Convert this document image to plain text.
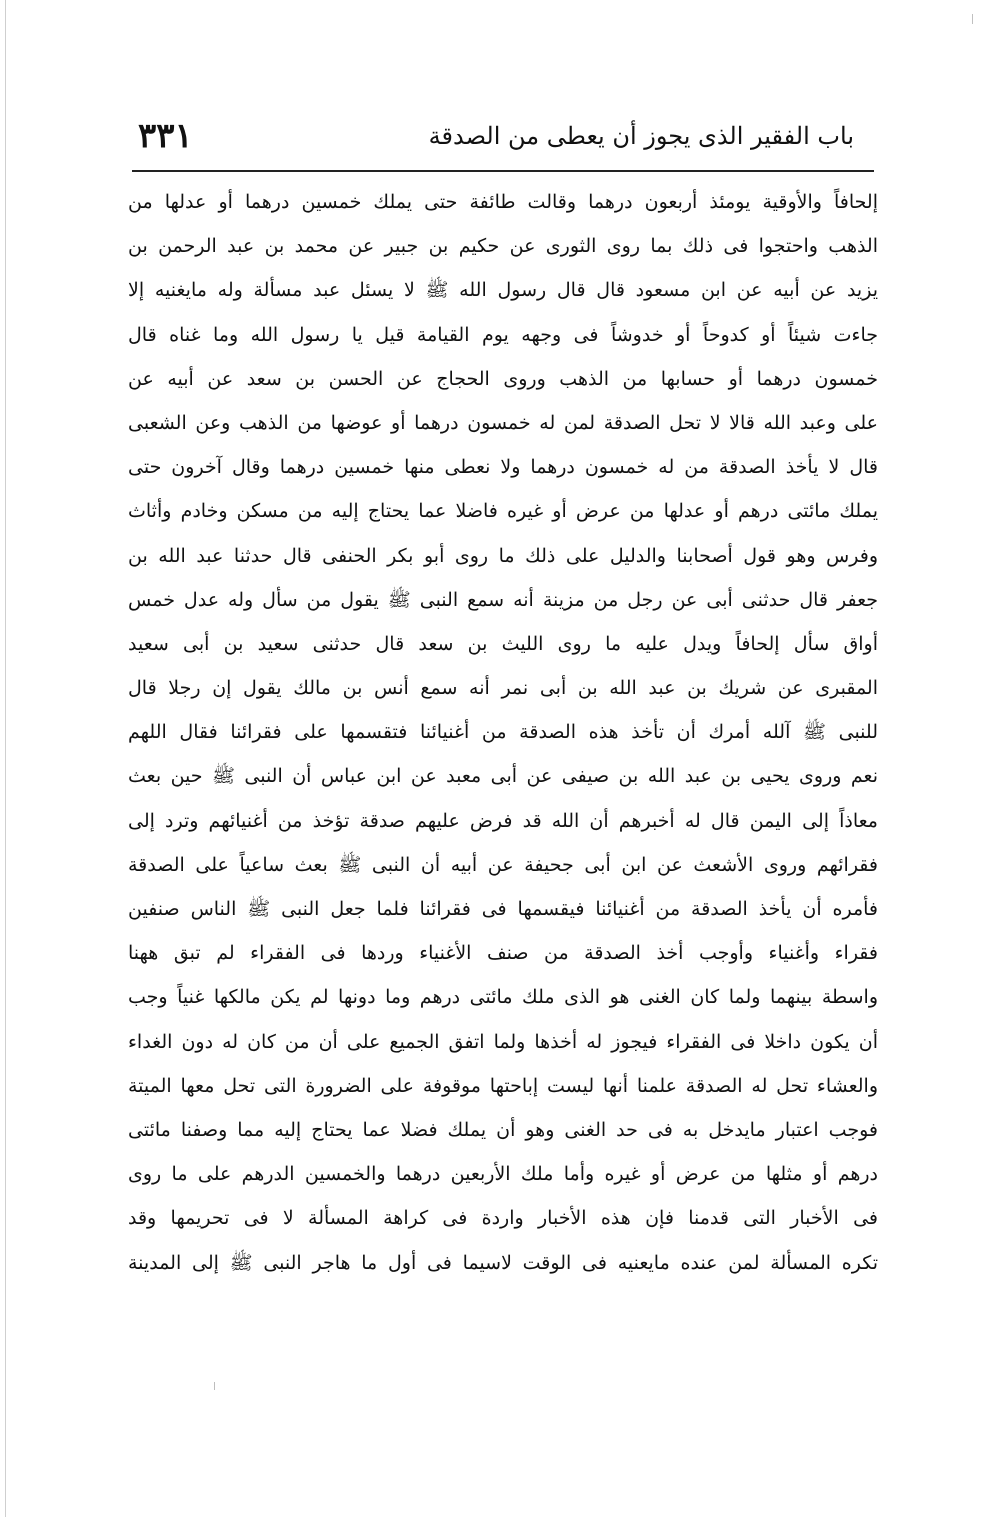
باب الفقير الذى يجوز أن يعطى من الصدقة
٣٣١
إلحافاً والأوقية يومئذ أربعون درهما وقالت طائفة حتى يملك خمسين درهما أو عدلها من
الذهب واحتجوا فى ذلك بما روى الثورى عن حكيم بن جبير عن محمد بن عبد الرحمن بن
يزيد عن أبيه عن ابن مسعود قال قال رسول الله ﷺ لا يسئل عبد مسألة وله مايغنيه إلا
جاءت شيئاً أو كدوحاً أو خدوشاً فى وجهه يوم القيامة قيل يا رسول الله وما غناه قال
خمسون درهما أو حسابها من الذهب وروى الحجاج عن الحسن بن سعد عن أبيه عن
على وعبد الله قالا لا تحل الصدقة لمن له خمسون درهما أو عوضها من الذهب وعن الشعبى
قال لا يأخذ الصدقة من له خمسون درهما ولا نعطى منها خمسين درهما وقال آخرون حتى
يملك مائتى درهم أو عدلها من عرض أو غيره فاضلا عما يحتاج إليه من مسكن وخادم وأثاث
وفرس وهو قول أصحابنا والدليل على ذلك ما روى أبو بكر الحنفى قال حدثنا عبد الله بن
جعفر قال حدثنى أبى عن رجل من مزينة أنه سمع النبى ﷺ يقول من سأل وله عدل خمس
أواق سأل إلحافاً ويدل عليه ما روى الليث بن سعد قال حدثنى سعيد بن أبى سعيد
المقبرى عن شريك بن عبد الله بن أبى نمر أنه سمع أنس بن مالك يقول إن رجلا قال
للنبى ﷺ آلله أمرك أن تأخذ هذه الصدقة من أغنيائنا فتقسمها على فقرائنا فقال اللهم
نعم وروى يحيى بن عبد الله بن صيفى عن أبى معبد عن ابن عباس أن النبى ﷺ حين بعث
معاذاً إلى اليمن قال له أخبرهم أن الله قد فرض عليهم صدقة تؤخذ من أغنيائهم وترد إلى
فقرائهم وروى الأشعث عن ابن أبى جحيفة عن أبيه أن النبى ﷺ بعث ساعياً على الصدقة
فأمره أن يأخذ الصدقة من أغنيائنا فيقسمها فى فقرائنا فلما جعل النبى ﷺ الناس صنفين
فقراء وأغنياء وأوجب أخذ الصدقة من صنف الأغنياء وردها فى الفقراء لم تبق ههنا
واسطة بينهما ولما كان الغنى هو الذى ملك مائتى درهم وما دونها لم يكن مالكها غنياً وجب
أن يكون داخلا فى الفقراء فيجوز له أخذها ولما اتفق الجميع على أن من كان له دون الغداء
والعشاء تحل له الصدقة علمنا أنها ليست إباحتها موقوفة على الضرورة التى تحل معها الميتة
فوجب اعتبار مايدخل به فى حد الغنى وهو أن يملك فضلا عما يحتاج إليه مما وصفنا مائتى
درهم أو مثلها من عرض أو غيره وأما ملك الأربعين درهما والخمسين الدرهم على ما روى
فى الأخبار التى قدمنا فإن هذه الأخبار واردة فى كراهة المسألة لا فى تحريمها وقد
تكره المسألة لمن عنده مايعنيه فى الوقت لاسيما فى أول ما هاجر النبى ﷺ إلى المدينة
